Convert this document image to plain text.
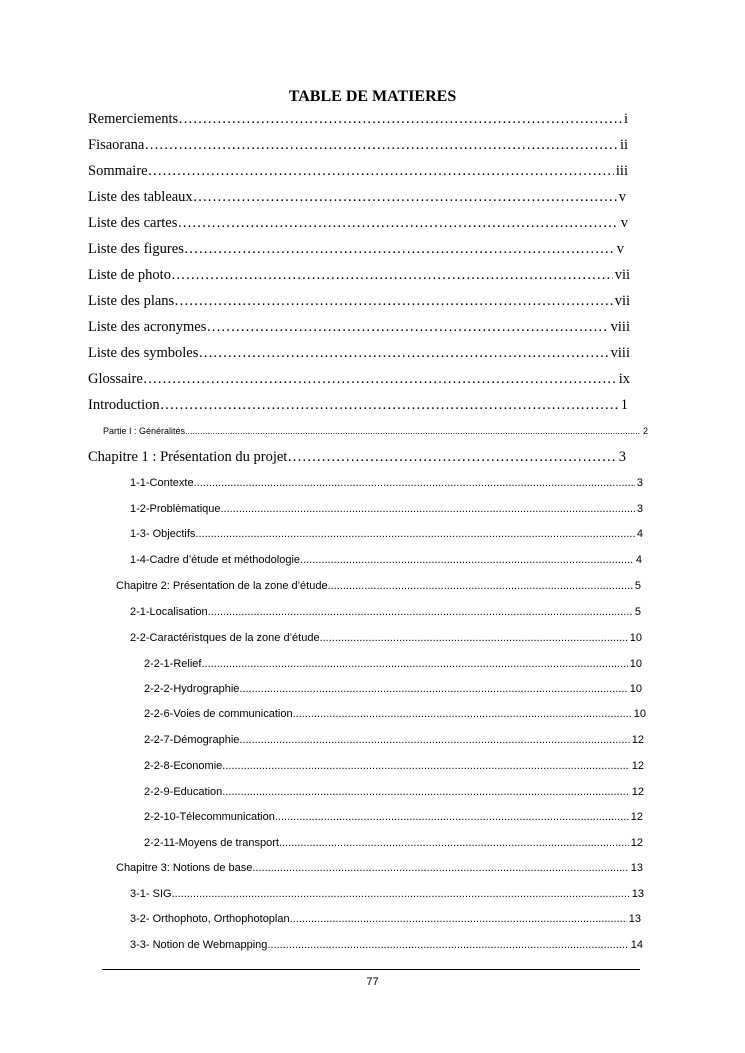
TABLE DE MATIERES
Remerciements ……………………………………………………………………………………………………………………………………………………	i
Fisaorana ……………………………………………………………………………………………………………………………………………………	ii
Sommaire ……………………………………………………………………………………………………………………………………………………	iii
Liste des tableaux ……………………………………………………………………………………………………………………………………………………	v
Liste des cartes ……………………………………………………………………………………………………………………………………………………	v
Liste des figures ……………………………………………………………………………………………………………………………………………………	v
Liste de photo ……………………………………………………………………………………………………………………………………………………	vii
Liste des plans ……………………………………………………………………………………………………………………………………………………	vii
Liste des acronymes ……………………………………………………………………………………………………………………………………………………	viii
Liste des symboles ……………………………………………………………………………………………………………………………………………………	viii
Glossaire ……………………………………………………………………………………………………………………………………………………	ix
Introduction ……………………………………………………………………………………………………………………………………………………	1
Partie I : Généralités .....	2
Chapitre 1 : Présentation du projet ……………………………………………………………………………………………………………………………………………………	3
1-1-Contexte .....	3
1-2-Problèmatique .....	3
1-3- Objectifs .....	4
1-4-Cadre d’étude et méthodologie .....	4
Chapitre 2: Présentation de la zone d’étude .....	5
2-1-Localisation .....	5
2-2-Caractéristques de la zone d’étude .....	10
2-2-1-Relief .....	10
2-2-2-Hydrographie .....	10
2-2-6-Voies de communication .....	10
2-2-7-Démographie .....	12
2-2-8-Economie .....	12
2-2-9-Education .....	12
2-2-10-Télecommunication .....	12
2-2-11-Moyens de transport .....	12
Chapitre 3: Notions de base .....	13
3-1- SIG .....	13
3-2- Orthophoto, Orthophotoplan .....	13
3-3- Notion de Webmapping .....	14
77
